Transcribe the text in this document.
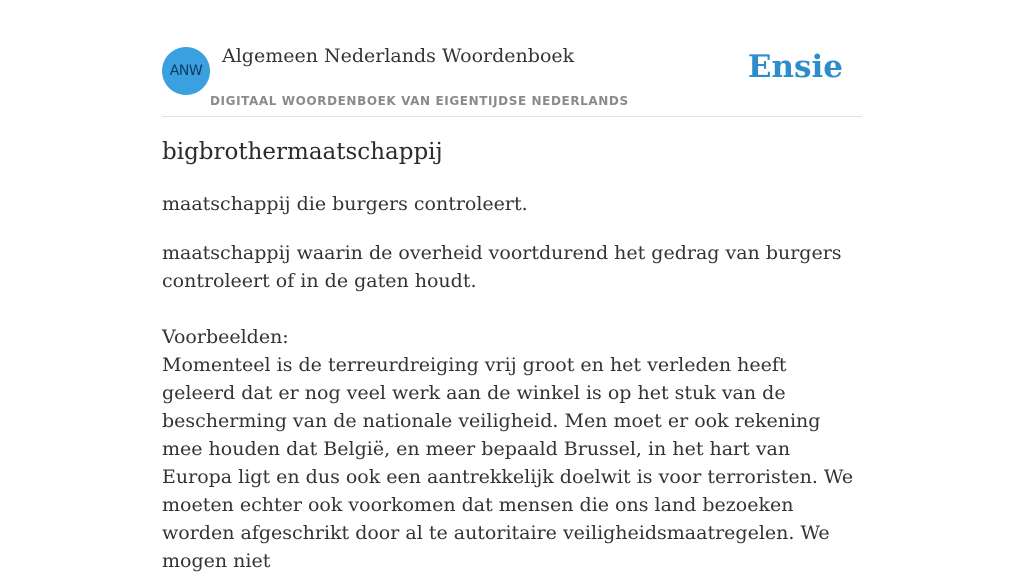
ANW
Algemeen Nederlands Woordenboek
DIGITAAL WOORDENBOEK VAN EIGENTIJDSE NEDERLANDS
Ensie
bigbrothermaatschappij
maatschappij die burgers controleert.

maatschappij waarin de overheid voortdurend het gedrag van burgers controleert of in de gaten houdt.

Voorbeelden:

Momenteel is de terreurdreiging vrij groot en het verleden heeft geleerd dat er nog veel werk aan de winkel is op het stuk van de bescherming van de nationale veiligheid. Men moet er ook rekening mee houden dat België, en meer bepaald Brussel, in het hart van Europa ligt en dus ook een aantrekkelijk doelwit is voor terroristen. We moeten echter ook voorkomen dat mensen die ons land bezoeken worden afgeschrikt door al te autoritaire veiligheidsmaatregelen. We mogen niet
